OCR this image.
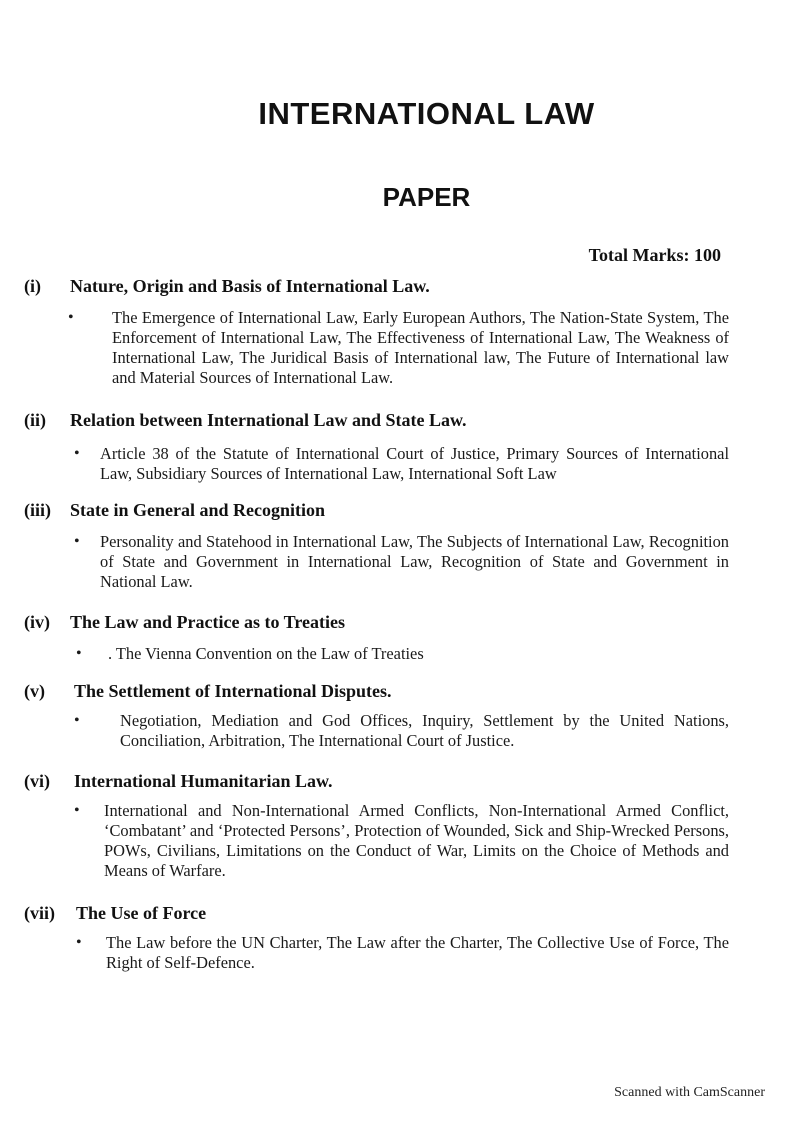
INTERNATIONAL LAW
PAPER
Total Marks: 100
(i) Nature, Origin and Basis of International Law.
• The Emergence of International Law, Early European Authors, The Nation-State System, The Enforcement of International Law, The Effectiveness of International Law, The Weakness of International Law, The Juridical Basis of International law, The Future of International law and Material Sources of International Law.
(ii) Relation between International Law and State Law.
• Article 38 of the Statute of International Court of Justice, Primary Sources of International Law, Subsidiary Sources of International Law, International Soft Law
(iii) State in General and Recognition
• Personality and Statehood in International Law, The Subjects of International Law, Recognition of State and Government in International Law, Recognition of State and Government in National Law.
(iv) The Law and Practice as to Treaties
• . The Vienna Convention on the Law of Treaties
(v) The Settlement of International Disputes.
• Negotiation, Mediation and God Offices, Inquiry, Settlement by the United Nations, Conciliation, Arbitration, The International Court of Justice.
(vi) International Humanitarian Law.
• International and Non-International Armed Conflicts, Non-International Armed Conflict, ‘Combatant’ and ‘Protected Persons’, Protection of Wounded, Sick and Ship-Wrecked Persons, POWs, Civilians, Limitations on the Conduct of War, Limits on the Choice of Methods and Means of Warfare.
(vii) The Use of Force
• The Law before the UN Charter, The Law after the Charter, The Collective Use of Force, The Right of Self-Defence.
Scanned with CamScanner
